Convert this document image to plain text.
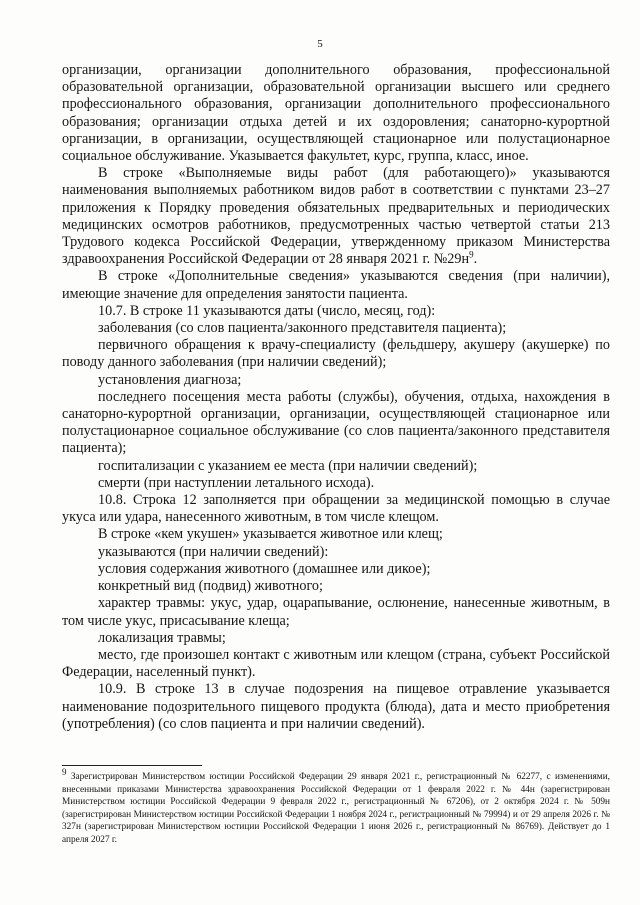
5

организации, организации дополнительного образования, профессиональной образовательной организации, образовательной организации высшего или среднего профессионального образования, организации дополнительного профессионального образования; организации отдыха детей и их оздоровления; санаторно-курортной организации, в организации, осуществляющей стационарное или полустационарное социальное обслуживание. Указывается факультет, курс, группа, класс, иное.

В строке «Выполняемые виды работ (для работающего)» указываются наименования выполняемых работником видов работ в соответствии с пунктами 23–27 приложения к Порядку проведения обязательных предварительных и периодических медицинских осмотров работников, предусмотренных частью четвертой статьи 213 Трудового кодекса Российской Федерации, утвержденному приказом Министерства здравоохранения Российской Федерации от 28 января 2021 г. $№29н^9$.

В строке «Дополнительные сведения» указываются сведения (при наличии), имеющие значение для определения занятости пациента.

10.7. В строке 11 указываются даты (число, месяц, год):

заболевания (со слов пациента/законного представителя пациента);

первичного обращения к врачу-специалисту (фельдшеру, акушеру (акушерке) по поводу данного заболевания (при наличии сведений);

установления диагноза;

последнего посещения места работы (службы), обучения, отдыха, нахождения в санаторно-курортной организации, организации, осуществляющей стационарное или полустационарное социальное обслуживание (со слов пациента/законного представителя пациента);

госпитализации с указанием ее места (при наличии сведений);

смерти (при наступлении летального исхода).

10.8. Строка 12 заполняется при обращении за медицинской помощью в случае укуса или удара, нанесенного животным, в том числе клещом.

В строке «кем укушен» указывается животное или клещ;

указываются (при наличии сведений):

условия содержания животного (домашнее или дикое);

конкретный вид (подвид) животного;

характер травмы: укус, удар, оцарапывание, ослюнение, нанесенные животным, в том числе укус, присасывание клеща;

локализация травмы;

место, где произошел контакт с животным или клещом (страна, субъект Российской Федерации, населенный пункт).

10.9. В строке 13 в случае подозрения на пищевое отравление указывается наименование подозрительного пищевого продукта (блюда), дата и место приобретения (употребления) (со слов пациента и при наличии сведений).

$^9$ Зарегистрирован Министерством юстиции Российской Федерации 29 января 2021 г., регистрационный № 62277, с изменениями, внесенными приказами Министерства здравоохранения Российской Федерации от 1 февраля 2022 г. № 44н (зарегистрирован Министерством юстиции Российской Федерации 9 февраля 2022 г., регистрационный № 67206), от 2 октября 2024 г. № 509н (зарегистрирован Министерством юстиции Российской Федерации 1 ноября 2024 г., регистрационный № 79994) и от 29 апреля 2026 г. № 327н (зарегистрирован Министерством юстиции Российской Федерации 1 июня 2026 г., регистрационный № 86769). Действует до 1 апреля 2027 г.
